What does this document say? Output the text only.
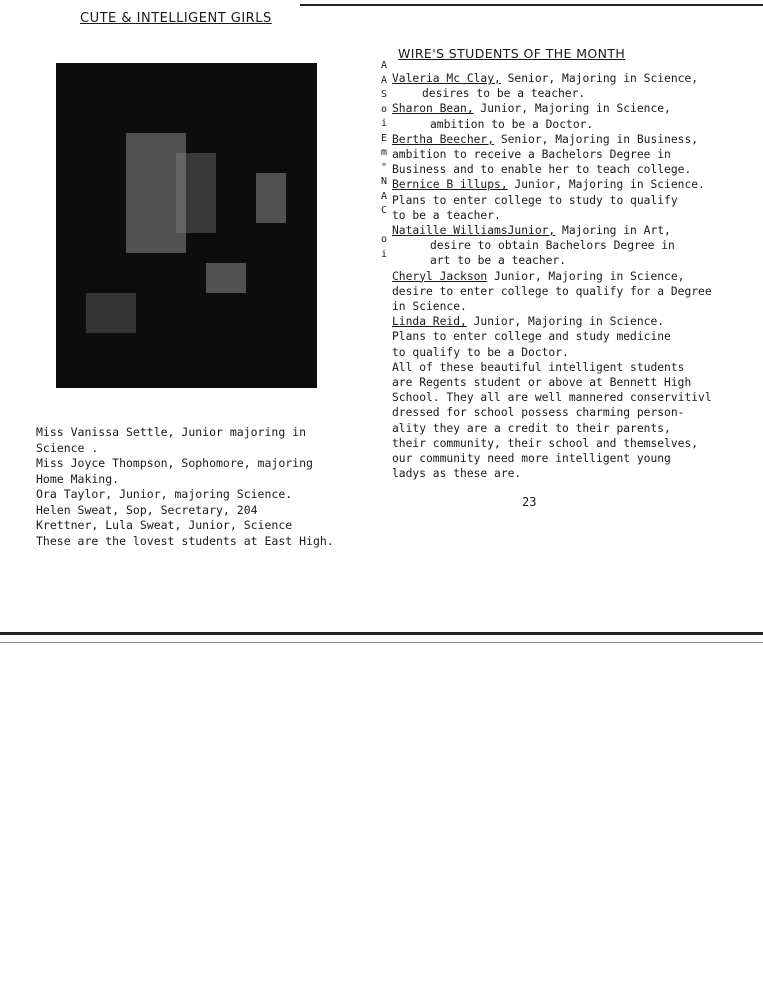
CUTE & INTELLIGENT GIRLS
Miss Vanissa Settle, Junior majoring in
Science .
Miss Joyce Thompson, Sophomore, majoring
Home Making.
Ora Taylor, Junior, majoring Science.
Helen Sweat, Sop, Secretary, 204
Krettner, Lula Sweat, Junior, Science
These are the lovest students at East High.
WIRE'S STUDENTS OF THE MONTH
A
A
S
o
i
E
m
"
N
A
C
o
i
Valeria Mc Clay, Senior, Majoring in Science,
desires to be a teacher.
Sharon Bean, Junior, Majoring in Science,
ambition to be a Doctor.
Bertha Beecher, Senior, Majoring in Business,
ambition to receive a Bachelors Degree in
Business and to enable her to teach college.
Bernice B illups, Junior, Majoring in Science.
Plans to enter college to study to qualify
to be a teacher.
Nataille WilliamsJunior, Majoring in Art,
desire to obtain Bachelors Degree in
art to be a teacher.
Cheryl Jackson Junior, Majoring in Science,
desire to enter college to qualify for a Degree
in Science.
Linda Reid, Junior, Majoring in Science.
Plans to enter college and study medicine
to qualify to be a Doctor.
All of these beautiful intelligent students
are Regents student or above at Bennett High
School. They all are well mannered conservitivl
dressed for school possess charming person-
ality they are a credit to their parents,
their community, their school and themselves,
our community need more intelligent young
ladys as these are.
23
